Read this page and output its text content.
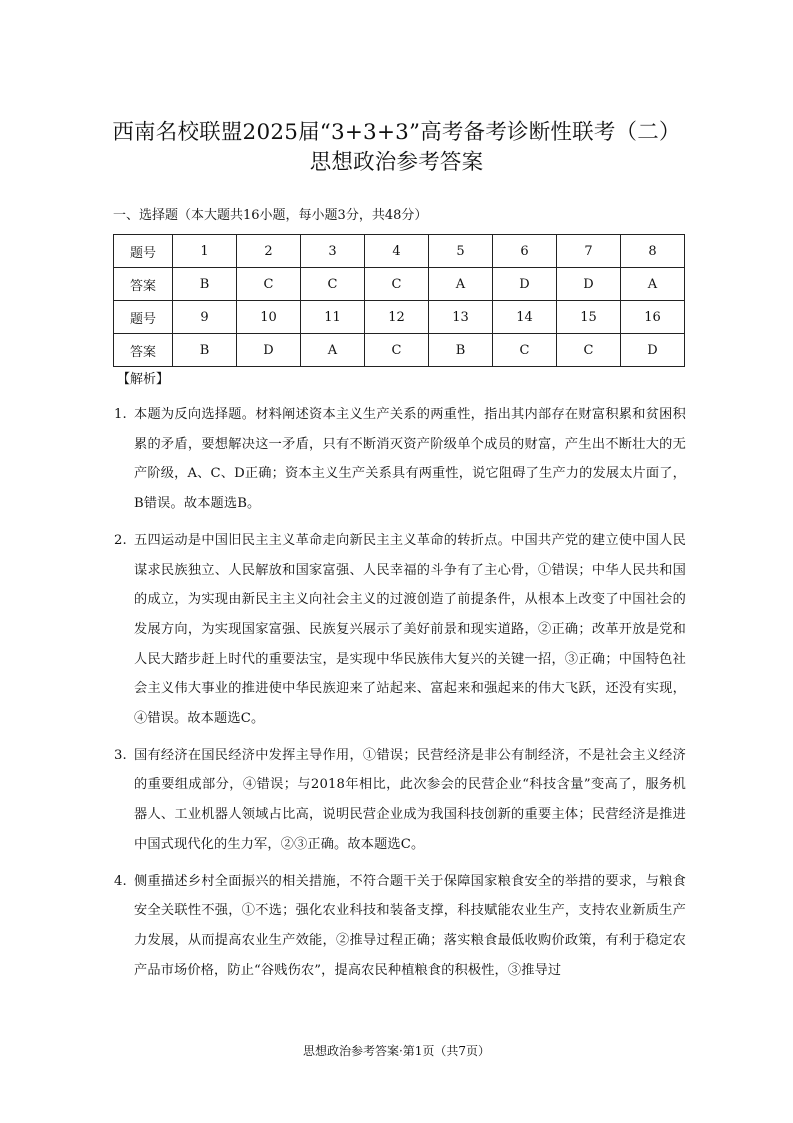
西南名校联盟2025届“3+3+3”高考备考诊断性联考（二）
思想政治参考答案
一、选择题（本大题共16小题，每小题3分，共48分）
题号	1	2	3	4	5	6	7	8
答案	B	C	C	C	A	D	D	A
题号	9	10	11	12	13	14	15	16
答案	B	D	A	C	B	C	C	D
【解析】
1. 本题为反向选择题。材料阐述资本主义生产关系的两重性，指出其内部存在财富积累和贫困积累的矛盾，要想解决这一矛盾，只有不断消灭资产阶级单个成员的财富，产生出不断壮大的无产阶级，A、C、D正确；资本主义生产关系具有两重性，说它阻碍了生产力的发展太片面了，B错误。故本题选B。
2. 五四运动是中国旧民主主义革命走向新民主主义革命的转折点。中国共产党的建立使中国人民谋求民族独立、人民解放和国家富强、人民幸福的斗争有了主心骨，①错误；中华人民共和国的成立，为实现由新民主主义向社会主义的过渡创造了前提条件，从根本上改变了中国社会的发展方向，为实现国家富强、民族复兴展示了美好前景和现实道路，②正确；改革开放是党和人民大踏步赶上时代的重要法宝，是实现中华民族伟大复兴的关键一招，③正确；中国特色社会主义伟大事业的推进使中华民族迎来了站起来、富起来和强起来的伟大飞跃，还没有实现，④错误。故本题选C。
3. 国有经济在国民经济中发挥主导作用，①错误；民营经济是非公有制经济，不是社会主义经济的重要组成部分，④错误；与2018年相比，此次参会的民营企业“科技含量”变高了，服务机器人、工业机器人领域占比高，说明民营企业成为我国科技创新的重要主体；民营经济是推进中国式现代化的生力军，②③正确。故本题选C。
4. 侧重描述乡村全面振兴的相关措施，不符合题干关于保障国家粮食安全的举措的要求，与粮食安全关联性不强，①不选；强化农业科技和装备支撑，科技赋能农业生产，支持农业新质生产力发展，从而提高农业生产效能，②推导过程正确；落实粮食最低收购价政策，有利于稳定农产品市场价格，防止“谷贱伤农”，提高农民种植粮食的积极性，③推导过
思想政治参考答案·第1页（共7页）
